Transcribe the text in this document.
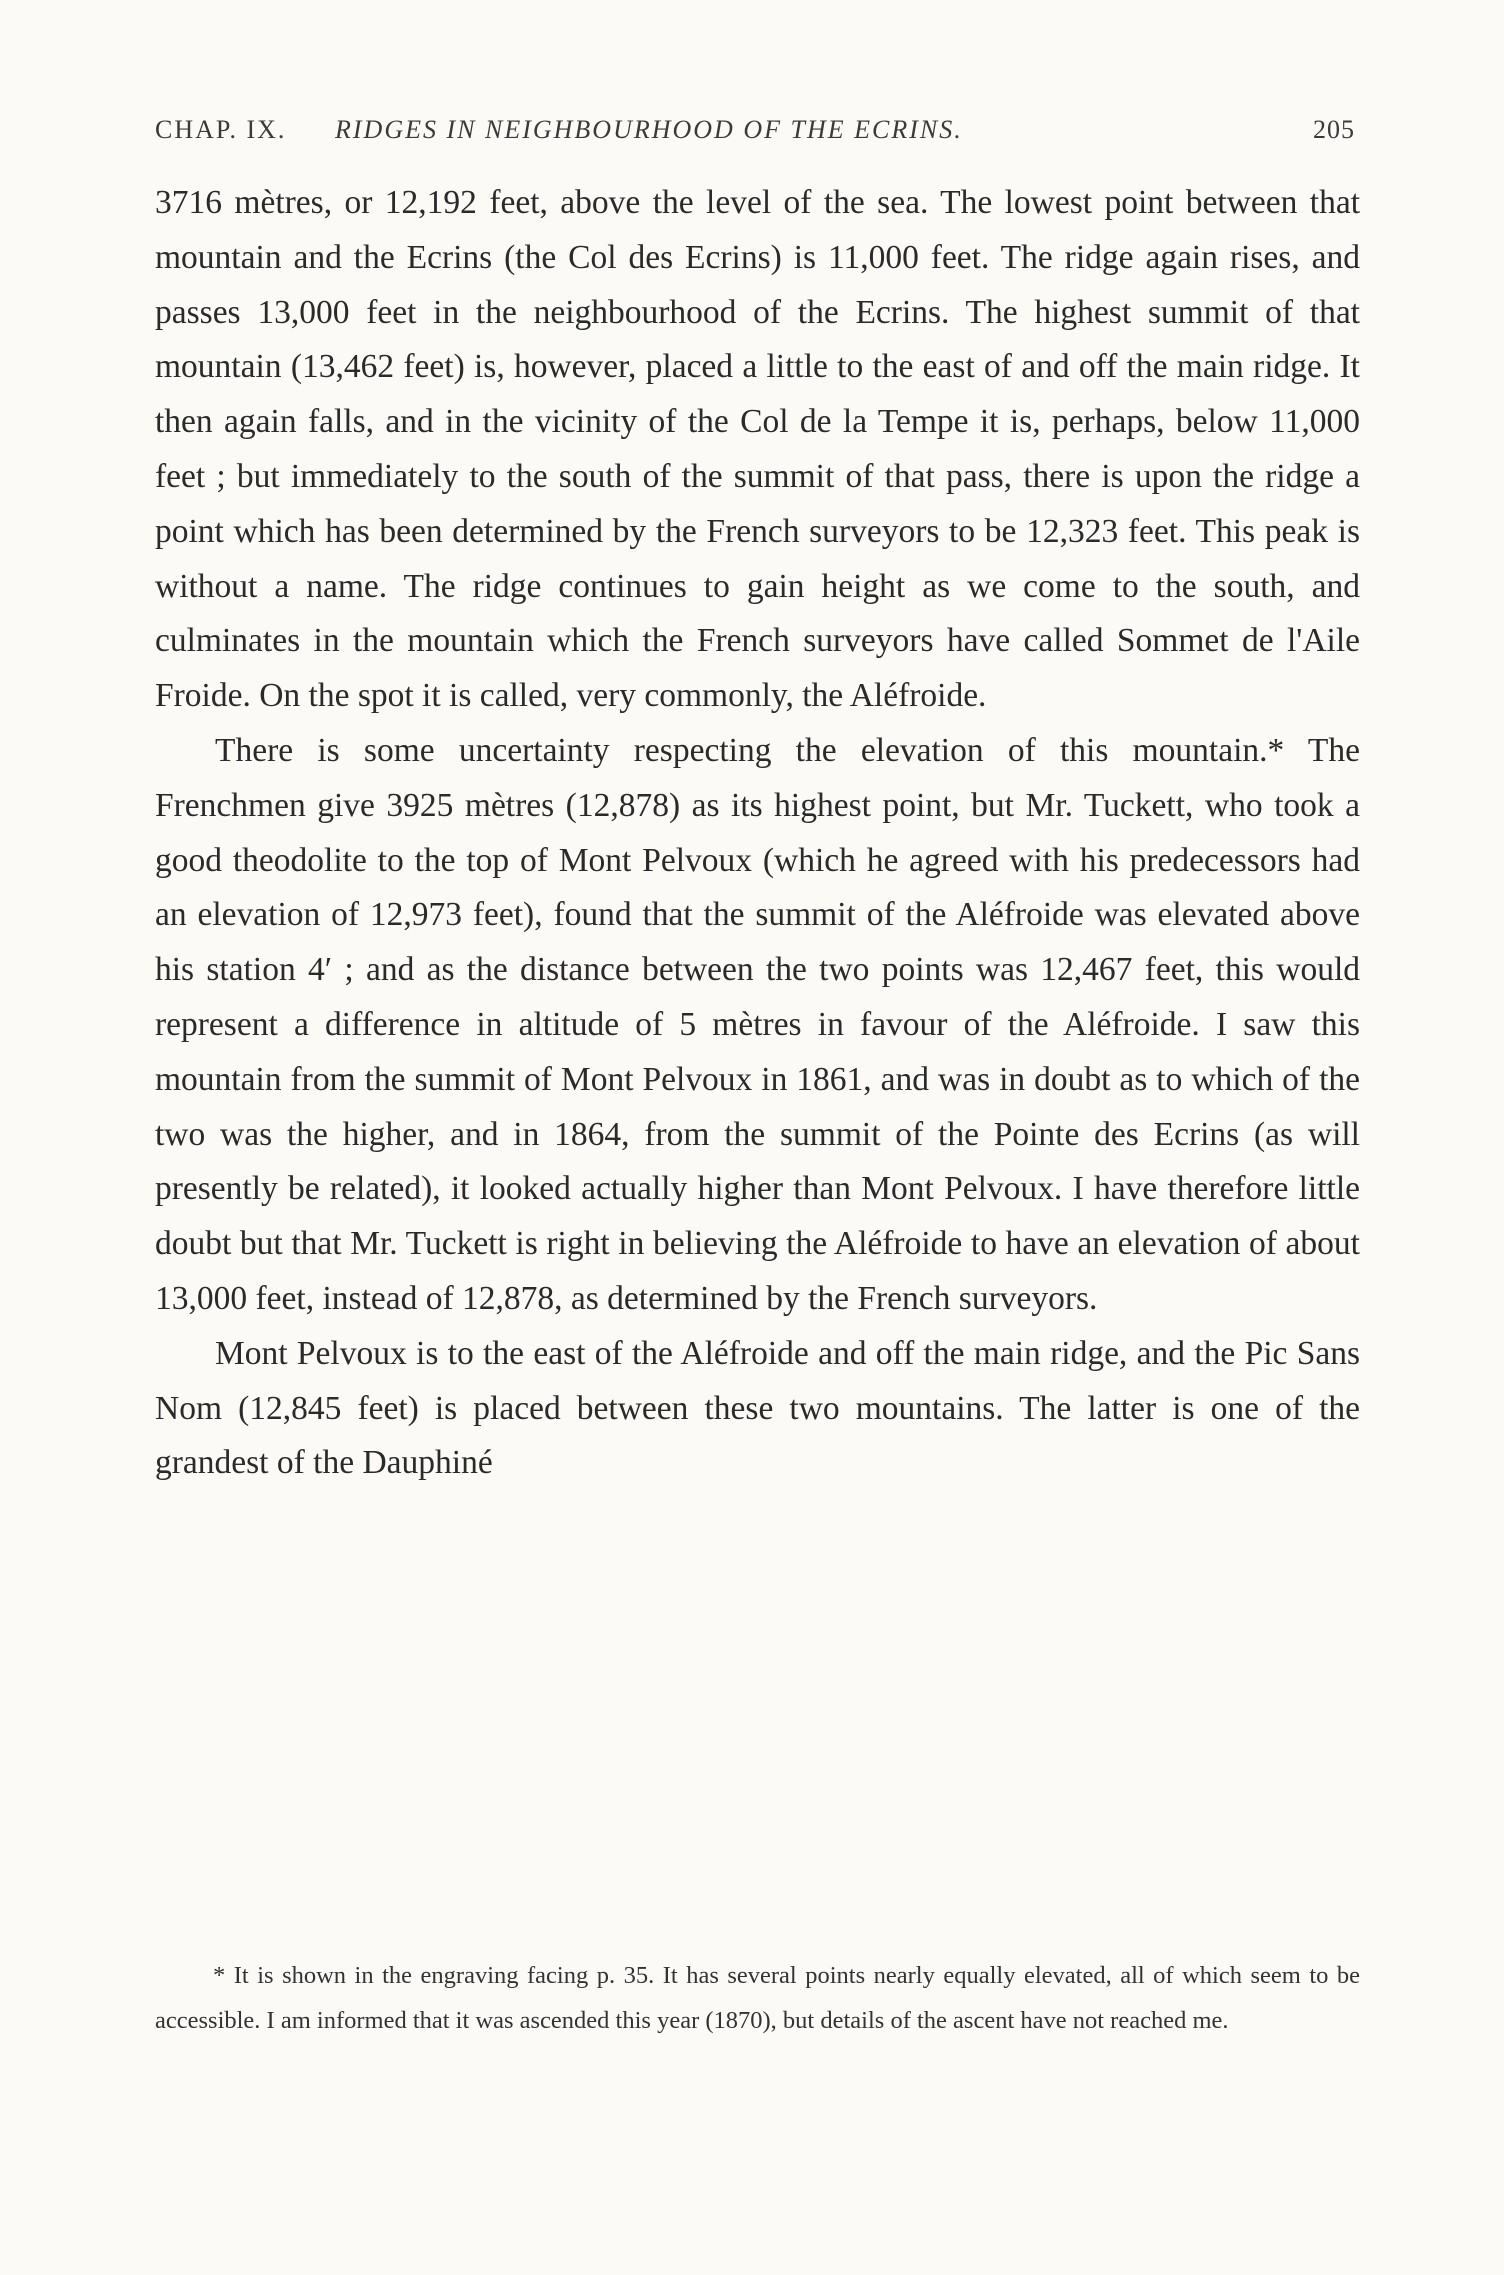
CHAP. IX. RIDGES IN NEIGHBOURHOOD OF THE ECRINS.	205

3716 mètres, or 12,192 feet, above the level of the sea. The lowest point between that mountain and the Ecrins (the Col des Ecrins) is 11,000 feet. The ridge again rises, and passes 13,000 feet in the neighbourhood of the Ecrins. The highest summit of that mountain (13,462 feet) is, however, placed a little to the east of and off the main ridge. It then again falls, and in the vicinity of the Col de la Tempe it is, perhaps, below 11,000 feet ; but immediately to the south of the summit of that pass, there is upon the ridge a point which has been determined by the French surveyors to be 12,323 feet. This peak is without a name. The ridge continues to gain height as we come to the south, and culminates in the mountain which the French surveyors have called Sommet de l'Aile Froide. On the spot it is called, very commonly, the Aléfroide.

There is some uncertainty respecting the elevation of this mountain.* The Frenchmen give 3925 mètres (12,878) as its highest point, but Mr. Tuckett, who took a good theodolite to the top of Mont Pelvoux (which he agreed with his predecessors had an elevation of 12,973 feet), found that the summit of the Aléfroide was elevated above his station 4′ ; and as the distance between the two points was 12,467 feet, this would represent a difference in altitude of 5 mètres in favour of the Aléfroide. I saw this mountain from the summit of Mont Pelvoux in 1861, and was in doubt as to which of the two was the higher, and in 1864, from the summit of the Pointe des Ecrins (as will presently be related), it looked actually higher than Mont Pelvoux. I have therefore little doubt but that Mr. Tuckett is right in believing the Aléfroide to have an elevation of about 13,000 feet, instead of 12,878, as determined by the French surveyors.

Mont Pelvoux is to the east of the Aléfroide and off the main ridge, and the Pic Sans Nom (12,845 feet) is placed between these two mountains. The latter is one of the grandest of the Dauphiné

* It is shown in the engraving facing p. 35. It has several points nearly equally elevated, all of which seem to be accessible. I am informed that it was ascended this year (1870), but details of the ascent have not reached me.
